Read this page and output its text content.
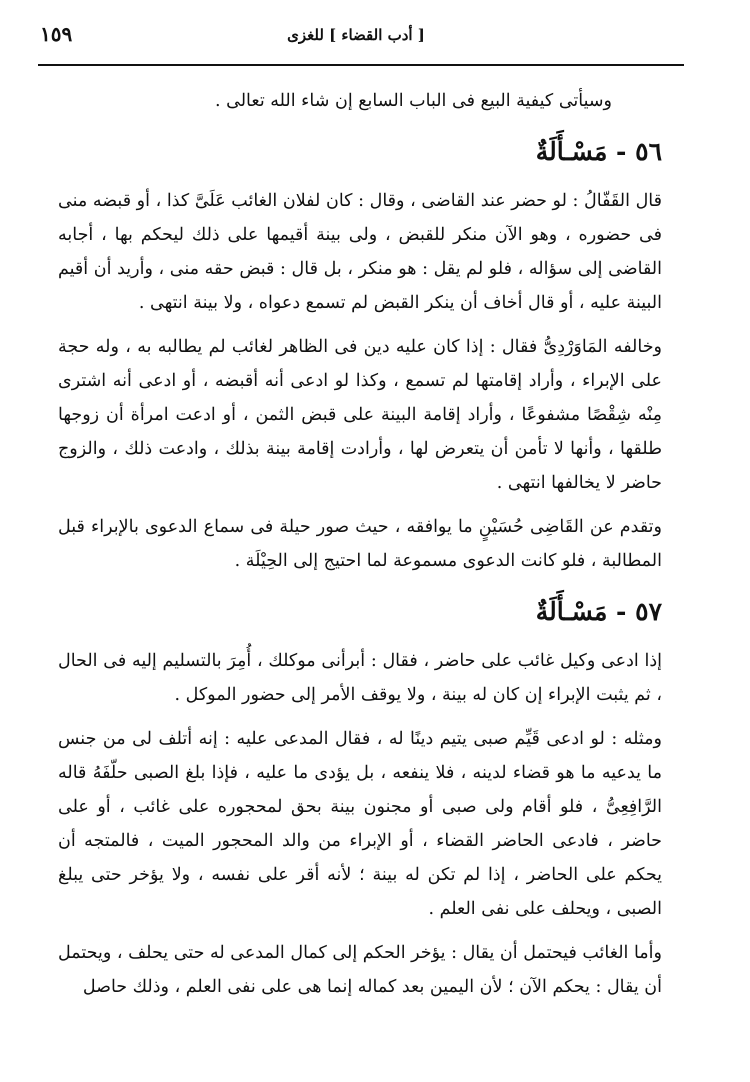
١٥٩	[ أدب القضاء ] للغزى

وسيأتى كيفية البيع فى الباب السابع إن شاء الله تعالى .

٥٦ - مَسْـأَلَةٌ

قال القَفّالُ : لو حضر عند القاضى ، وقال : كان لفلان الغائب عَلَىَّ كذا ، أو قبضه منى فى حضوره ، وهو الآن منكر للقبض ، ولى بينة أقيمها على ذلك ليحكم بها ، أجابه القاضى إلى سؤاله ، فلو لم يقل : هو منكر ، بل قال : قبض حقه منى ، وأريد أن أقيم البينة عليه ، أو قال أخاف أن ينكر القبض لم تسمع دعواه ، ولا بينة انتهى .

وخالفه المَاوَرْدِىُّ فقال : إذا كان عليه دين فى الظاهر لغائب لم يطالبه به ، وله حجة على الإبراء ، وأراد إقامتها لم تسمع ، وكذا لو ادعى أنه أقبضه ، أو ادعى أنه اشترى مِنْه شِقْصًا مشفوعًا ، وأراد إقامة البينة على قبض الثمن ، أو ادعت امرأة أن زوجها طلقها ، وأنها لا تأمن أن يتعرض لها ، وأرادت إقامة بينة بذلك ، وادعت ذلك ، والزوج حاضر لا يخالفها انتهى .

وتقدم عن القَاضِى حُسَيْنٍ ما يوافقه ، حيث صور حيلة فى سماع الدعوى بالإبراء قبل المطالبة ، فلو كانت الدعوى مسموعة لما احتيج إلى الحِيْلَة .

٥٧ - مَسْـأَلَةٌ

إذا ادعى وكيل غائب على حاضر ، فقال : أبرأنى موكلك ، أُمِرَ بالتسليم إليه فى الحال ، ثم يثبت الإبراء إن كان له بينة ، ولا يوقف الأمر إلى حضور الموكل .

ومثله : لو ادعى قَيِّم صبى يتيم دينًا له ، فقال المدعى عليه : إنه أتلف لى من جنس ما يدعيه ما هو قضاء لدينه ، فلا ينفعه ، بل يؤدى ما عليه ، فإذا بلغ الصبى حلّفَهُ قاله الرَّافِعِىُّ ، فلو أقام ولى صبى أو مجنون بينة بحق لمحجوره على غائب ، أو على حاضر ، فادعى الحاضر القضاء ، أو الإبراء من والد المحجور الميت ، فالمتجه أن يحكم على الحاضر ، إذا لم تكن له بينة ؛ لأنه أقر على نفسه ، ولا يؤخر حتى يبلغ الصبى ، ويحلف على نفى العلم .

وأما الغائب فيحتمل أن يقال : يؤخر الحكم إلى كمال المدعى له حتى يحلف ، ويحتمل أن يقال : يحكم الآن ؛ لأن اليمين بعد كماله إنما هى على نفى العلم ، وذلك حاصل
